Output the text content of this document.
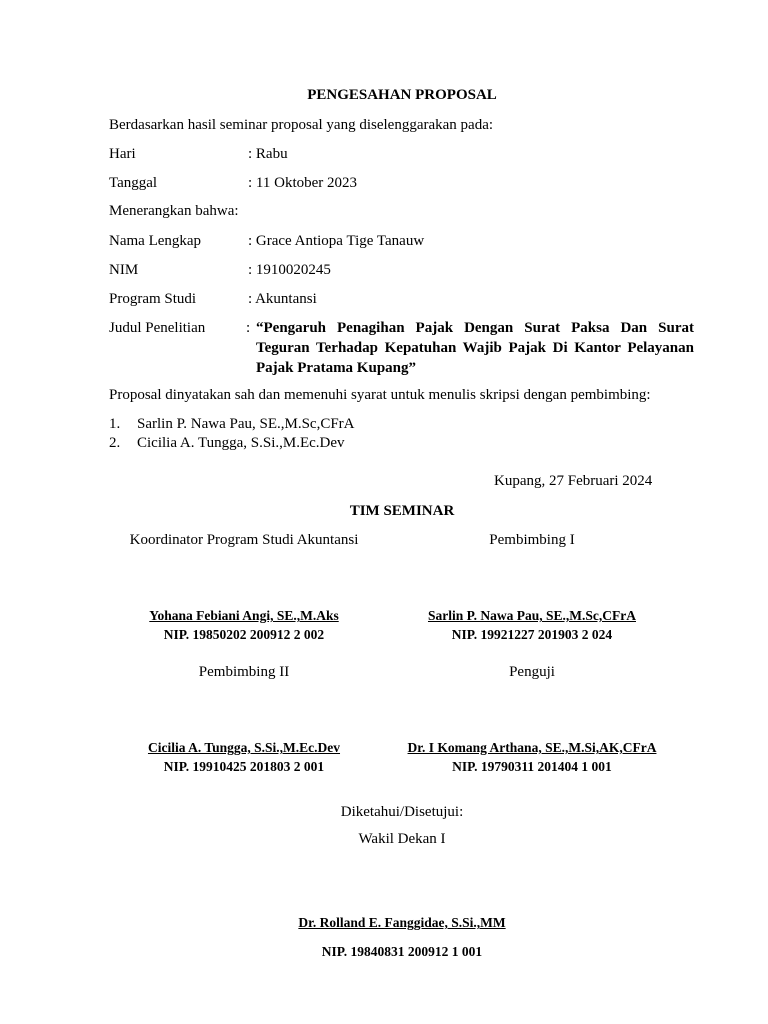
PENGESAHAN PROPOSAL
Berdasarkan hasil seminar proposal yang diselenggarakan pada:
Hari	: Rabu
Tanggal	: 11 Oktober 2023
Menerangkan bahwa:
Nama Lengkap	: Grace Antiopa Tige Tanauw
NIM	: 1910020245
Program Studi	: Akuntansi
Judul Penelitian	: “Pengaruh Penagihan Pajak Dengan Surat Paksa Dan Surat Teguran Terhadap Kepatuhan Wajib Pajak Di Kantor Pelayanan Pajak Pratama Kupang”
Proposal dinyatakan sah dan memenuhi syarat untuk menulis skripsi dengan pembimbing:
1. Sarlin P. Nawa Pau, SE.,M.Sc,CFrA
2. Cicilia A. Tungga, S.Si.,M.Ec.Dev
Kupang, 27 Februari 2024
TIM SEMINAR
Koordinator Program Studi Akuntansi	Pembimbing I
Yohana Febiani Angi, SE.,M.Aks
NIP. 19850202 200912 2 002
Sarlin P. Nawa Pau, SE.,M.Sc,CFrA
NIP. 19921227 201903 2 024
Pembimbing II	Penguji
Cicilia A. Tungga, S.Si.,M.Ec.Dev
NIP. 19910425 201803 2 001
Dr. I Komang Arthana, SE.,M.Si,AK,CFrA
NIP. 19790311 201404 1 001
Diketahui/Disetujui:
Wakil Dekan I
Dr. Rolland E. Fanggidae, S.Si.,MM
NIP. 19840831 200912 1 001
